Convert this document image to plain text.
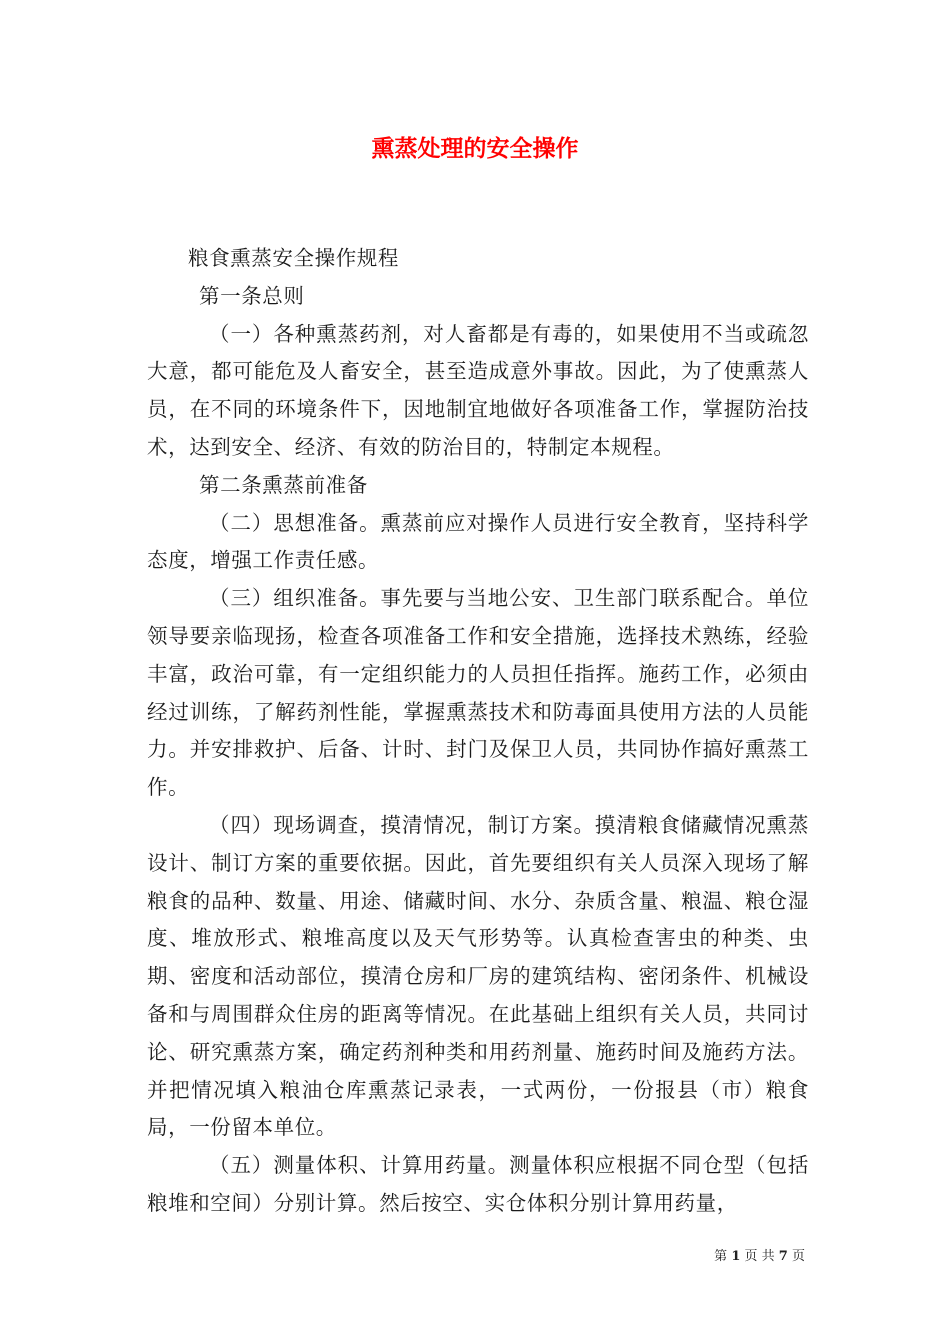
熏蒸处理的安全操作

粮食熏蒸安全操作规程

第一条总则

（一）各种熏蒸药剂，对人畜都是有毒的，如果使用不当或疏忽大意，都可能危及人畜安全，甚至造成意外事故。因此，为了使熏蒸人员，在不同的环境条件下，因地制宜地做好各项准备工作，掌握防治技术，达到安全、经济、有效的防治目的，特制定本规程。

第二条熏蒸前准备

（二）思想准备。熏蒸前应对操作人员进行安全教育，坚持科学态度，增强工作责任感。

（三）组织准备。事先要与当地公安、卫生部门联系配合。单位领导要亲临现扬，检查各项准备工作和安全措施，选择技术熟练，经验丰富，政治可靠，有一定组织能力的人员担任指挥。施药工作，必须由经过训练，了解药剂性能，掌握熏蒸技术和防毒面具使用方法的人员能力。并安排救护、后备、计时、封门及保卫人员，共同协作搞好熏蒸工作。

（四）现场调查，摸清情况，制订方案。摸清粮食储藏情况熏蒸设计、制订方案的重要依据。因此，首先要组织有关人员深入现场了解粮食的品种、数量、用途、储藏时间、水分、杂质含量、粮温、粮仓湿度、堆放形式、粮堆高度以及天气形势等。认真检查害虫的种类、虫期、密度和活动部位，摸清仓房和厂房的建筑结构、密闭条件、机械设备和与周围群众住房的距离等情况。在此基础上组织有关人员，共同讨论、研究熏蒸方案，确定药剂种类和用药剂量、施药时间及施药方法。并把情况填入粮油仓库熏蒸记录表，一式两份，一份报县（市）粮食局，一份留本单位。

（五）测量体积、计算用药量。测量体积应根据不同仓型（包括粮堆和空间）分别计算。然后按空、实仓体积分别计算用药量，

第 1 页 共 7 页
